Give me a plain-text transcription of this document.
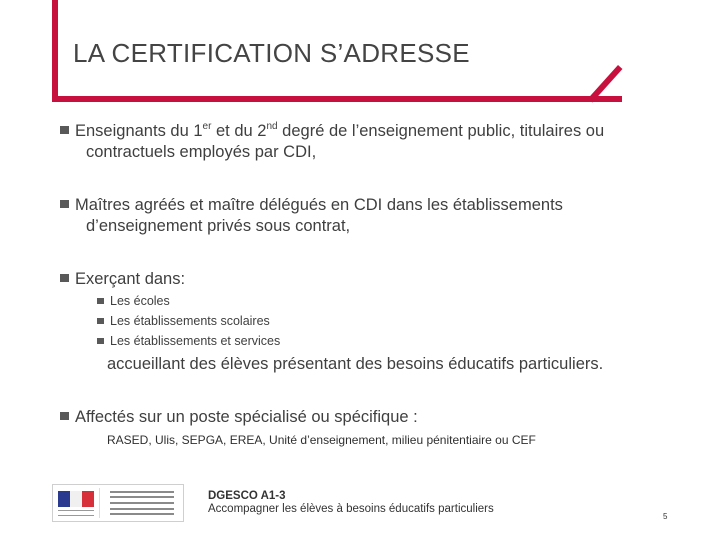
LA CERTIFICATION S’ADRESSE
Enseignants du 1er et du 2nd degré de l’enseignement public, titulaires ou
contractuels employés par CDI,
Maîtres agréés et maître délégués en CDI dans les établissements
d’enseignement privés sous contrat,
Exerçant dans:
Les écoles
Les établissements scolaires
Les établissements et services
accueillant des élèves présentant des besoins éducatifs particuliers.
Affectés sur un poste spécialisé ou spécifique :
RASED, Ulis, SEPGA, EREA, Unité d’enseignement, milieu pénitentiaire ou CEF
DGESCO A1-3
Accompagner les élèves à besoins éducatifs particuliers
5
